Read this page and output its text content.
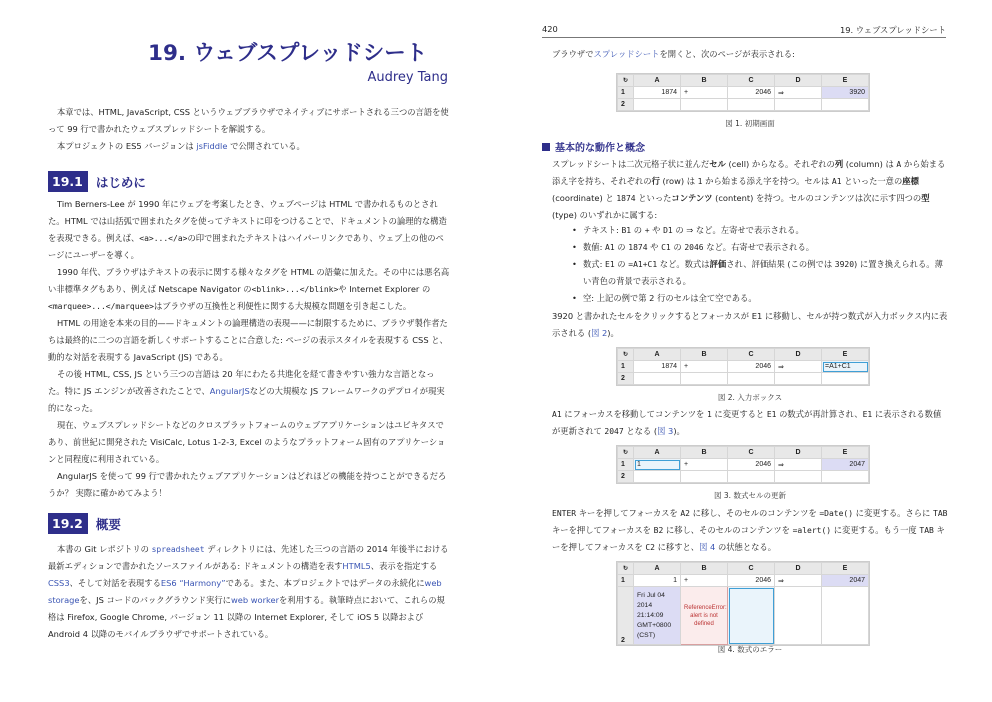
19. ウェブスプレッドシート
Audrey Tang
本章では、HTML, JavaScript, CSS というウェブブラウザでネイティブにサポートされる三つの言語を使って 99 行で書かれたウェブスプレッドシートを解説する。
本プロジェクトの ES5 バージョンは jsFiddle で公開されている。
19.1	はじめに
Tim Berners-Lee が 1990 年にウェブを考案したとき、ウェブページは HTML で書かれるものとされた。HTML では山括弧で囲まれたタグを使ってテキストに印をつけることで、ドキュメントの論理的な構造を表現できる。例えば、<a>...</a>の印で囲まれたテキストはハイパーリンクであり、ウェブ上の他のページにユーザーを導く。
1990 年代、ブラウザはテキストの表示に関する様々なタグを HTML の語彙に加えた。その中には悪名高い非標準タグもあり、例えば Netscape Navigator の<blink>...</blink>や Internet Explorer の<marquee>...</marquee>はブラウザの互換性と利便性に関する大規模な問題を引き起こした。
HTML の用途を本来の目的——ドキュメントの論理構造の表現——に制限するために、ブラウザ製作者たちは最終的に二つの言語を新しくサポートすることに合意した: ページの表示スタイルを表現する CSS と、動的な対話を表現する JavaScript (JS) である。
その後 HTML, CSS, JS という三つの言語は 20 年にわたる共進化を経て書きやすい強力な言語となった。特に JS エンジンが改善されたことで、AngularJSなどの大規模な JS フレームワークのデプロイが現実的になった。
現在、ウェブスプレッドシートなどのクロスプラットフォームのウェブアプリケーションはユビキタスであり、前世紀に開発された VisiCalc, Lotus 1-2-3, Excel のようなプラットフォーム固有のアプリケーションと同程度に利用されている。
AngularJS を使って 99 行で書かれたウェブアプリケーションはどれほどの機能を持つことができるだろうか？ 実際に確かめてみよう！
19.2	概要
本書の Git レポジトリの spreadsheet ディレクトリには、先述した三つの言語の 2014 年後半における最新エディションで書かれたソースファイルがある: ドキュメントの構造を表すHTML5、表示を指定するCSS3、そして対話を表現するES6 “Harmony”である。また、本プロジェクトではデータの永続化にweb storageを、JS コードのバックグラウンド実行にweb workerを利用する。執筆時点において、これらの規格は Firefox, Google Chrome, バージョン 11 以降の Internet Explorer, そして iOS 5 以降および Android 4 以降のモバイルブラウザでサポートされている。
420	19. ウェブスプレッドシート
ブラウザでスプレッドシートを開くと、次のページが表示される:
↻	A	B	C	D	E
1	1874	+	2046	⇒	3920
2					
図 1. 初期画面
基本的な動作と概念
スプレッドシートは二次元格子状に並んだセル (cell) からなる。それぞれの列 (column) は A から始まる添え字を持ち、それぞれの行 (row) は 1 から始まる添え字を持つ。セルは A1 といった一意の座標 (coordinate) と 1874 といったコンテンツ (content) を持つ。セルのコンテンツは次に示す四つの型 (type) のいずれかに属する:
• テキスト: B1 の + や D1 の ⇒ など。左寄せで表示される。
• 数値: A1 の 1874 や C1 の 2046 など。右寄せで表示される。
• 数式: E1 の =A1+C1 など。数式は評価され、評価結果 (この例では 3920) に置き換えられる。薄い青色の背景で表示される。
• 空: 上記の例で第 2 行のセルは全て空である。
3920 と書かれたセルをクリックするとフォーカスが E1 に移動し、セルが持つ数式が入力ボックス内に表示される (図 2)。
↻	A	B	C	D	E
1	1874	+	2046	⇒	=A1+C1
2					
図 2. 入力ボックス
A1 にフォーカスを移動してコンテンツを 1 に変更すると E1 の数式が再計算され、E1 に表示される数値が更新されて 2047 となる (図 3)。
↻	A	B	C	D	E
1	1	+	2046	⇒	2047
2					
図 3. 数式セルの更新
ENTER キーを押してフォーカスを A2 に移し、そのセルのコンテンツを =Date() に変更する。さらに TAB キーを押してフォーカスを B2 に移し、そのセルのコンテンツを =alert() に変更する。もう一度 TAB キーを押してフォーカスを C2 に移すと、図 4 の状態となる。
↻	A	B	C	D	E
1	1	+	2046	⇒	2047
2	Fri Jul 04 2014 21:14:09 GMT+0800 (CST)	ReferenceError: alert is not defined			
図 4. 数式のエラー
